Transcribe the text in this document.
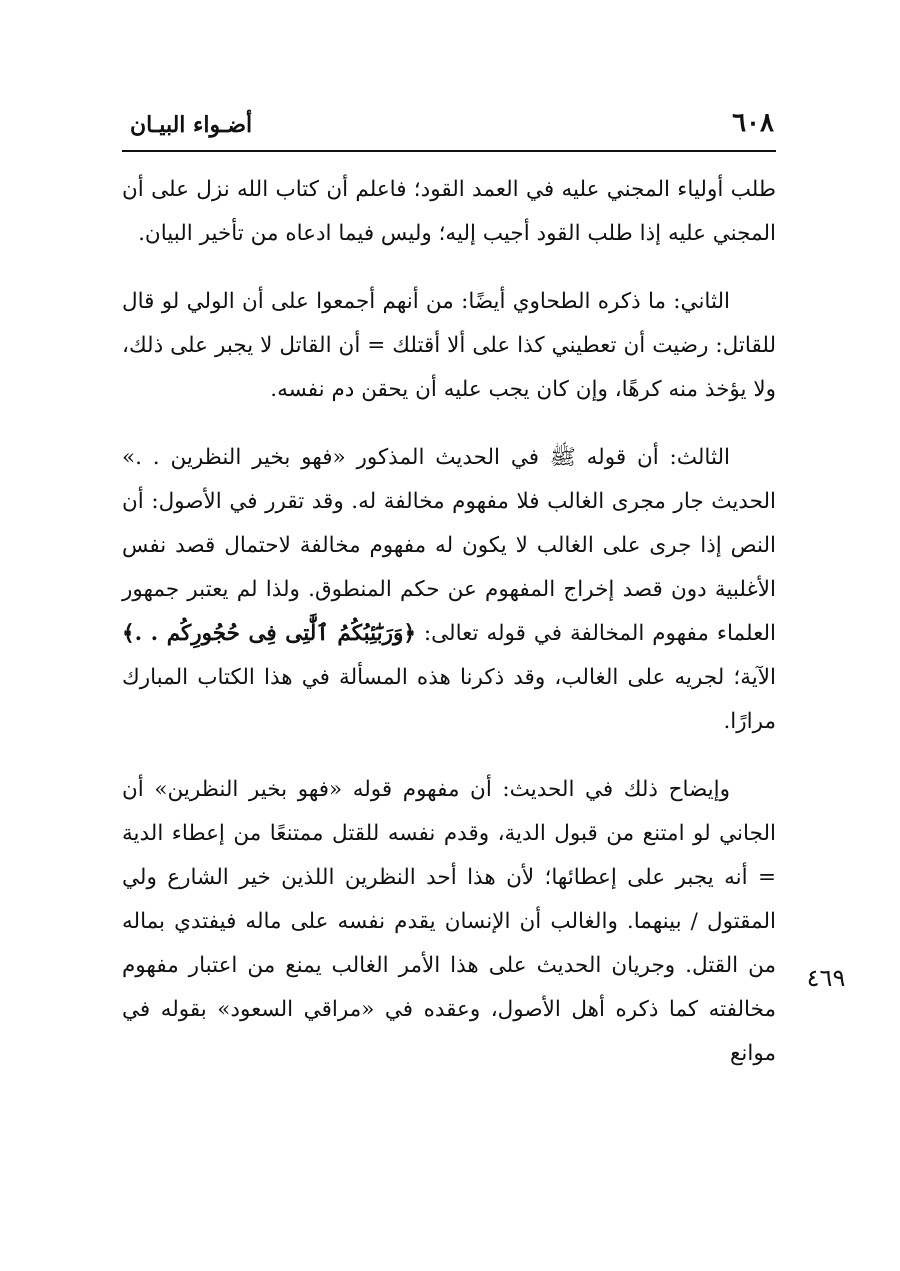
٦٠٨
أضـواء البيـان

طلب أولياء المجني عليه في العمد القود؛ فاعلم أن كتاب الله نزل على أن المجني عليه إذا طلب القود أجيب إليه؛ وليس فيما ادعاه من تأخير البيان.

الثاني: ما ذكره الطحاوي أيضًا: من أنهم أجمعوا على أن الولي لو قال للقاتل: رضيت أن تعطيني كذا على ألا أقتلك = أن القاتل لا يجبر على ذلك، ولا يؤخذ منه كرهًا، وإن كان يجب عليه أن يحقن دم نفسه.

الثالث: أن قوله ﷺ في الحديث المذكور «فهو بخير النظرين . .» الحديث جار مجرى الغالب فلا مفهوم مخالفة له. وقد تقرر في الأصول: أن النص إذا جرى على الغالب لا يكون له مفهوم مخالفة لاحتمال قصد نفس الأغلبية دون قصد إخراج المفهوم عن حكم المنطوق. ولذا لم يعتبر جمهور العلماء مفهوم المخالفة في قوله تعالى: ﴿وَرَبَٰٓئِبُكُمُ ٱلَّٰتِى فِى حُجُورِكُم . .﴾ الآية؛ لجريه على الغالب، وقد ذكرنا هذه المسألة في هذا الكتاب المبارك مرارًا.

وإيضاح ذلك في الحديث: أن مفهوم قوله «فهو بخير النظرين» أن الجاني لو امتنع من قبول الدية، وقدم نفسه للقتل ممتنعًا من إعطاء الدية = أنه يجبر على إعطائها؛ لأن هذا أحد النظرين اللذين خير الشارع ولي المقتول / بينهما. والغالب أن الإنسان يقدم نفسه على ماله فيفتدي بماله من القتل. وجريان الحديث على هذا الأمر الغالب يمنع من اعتبار مفهوم مخالفته كما ذكره أهل الأصول، وعقده في «مراقي السعود» بقوله في موانع

٤٦٩
